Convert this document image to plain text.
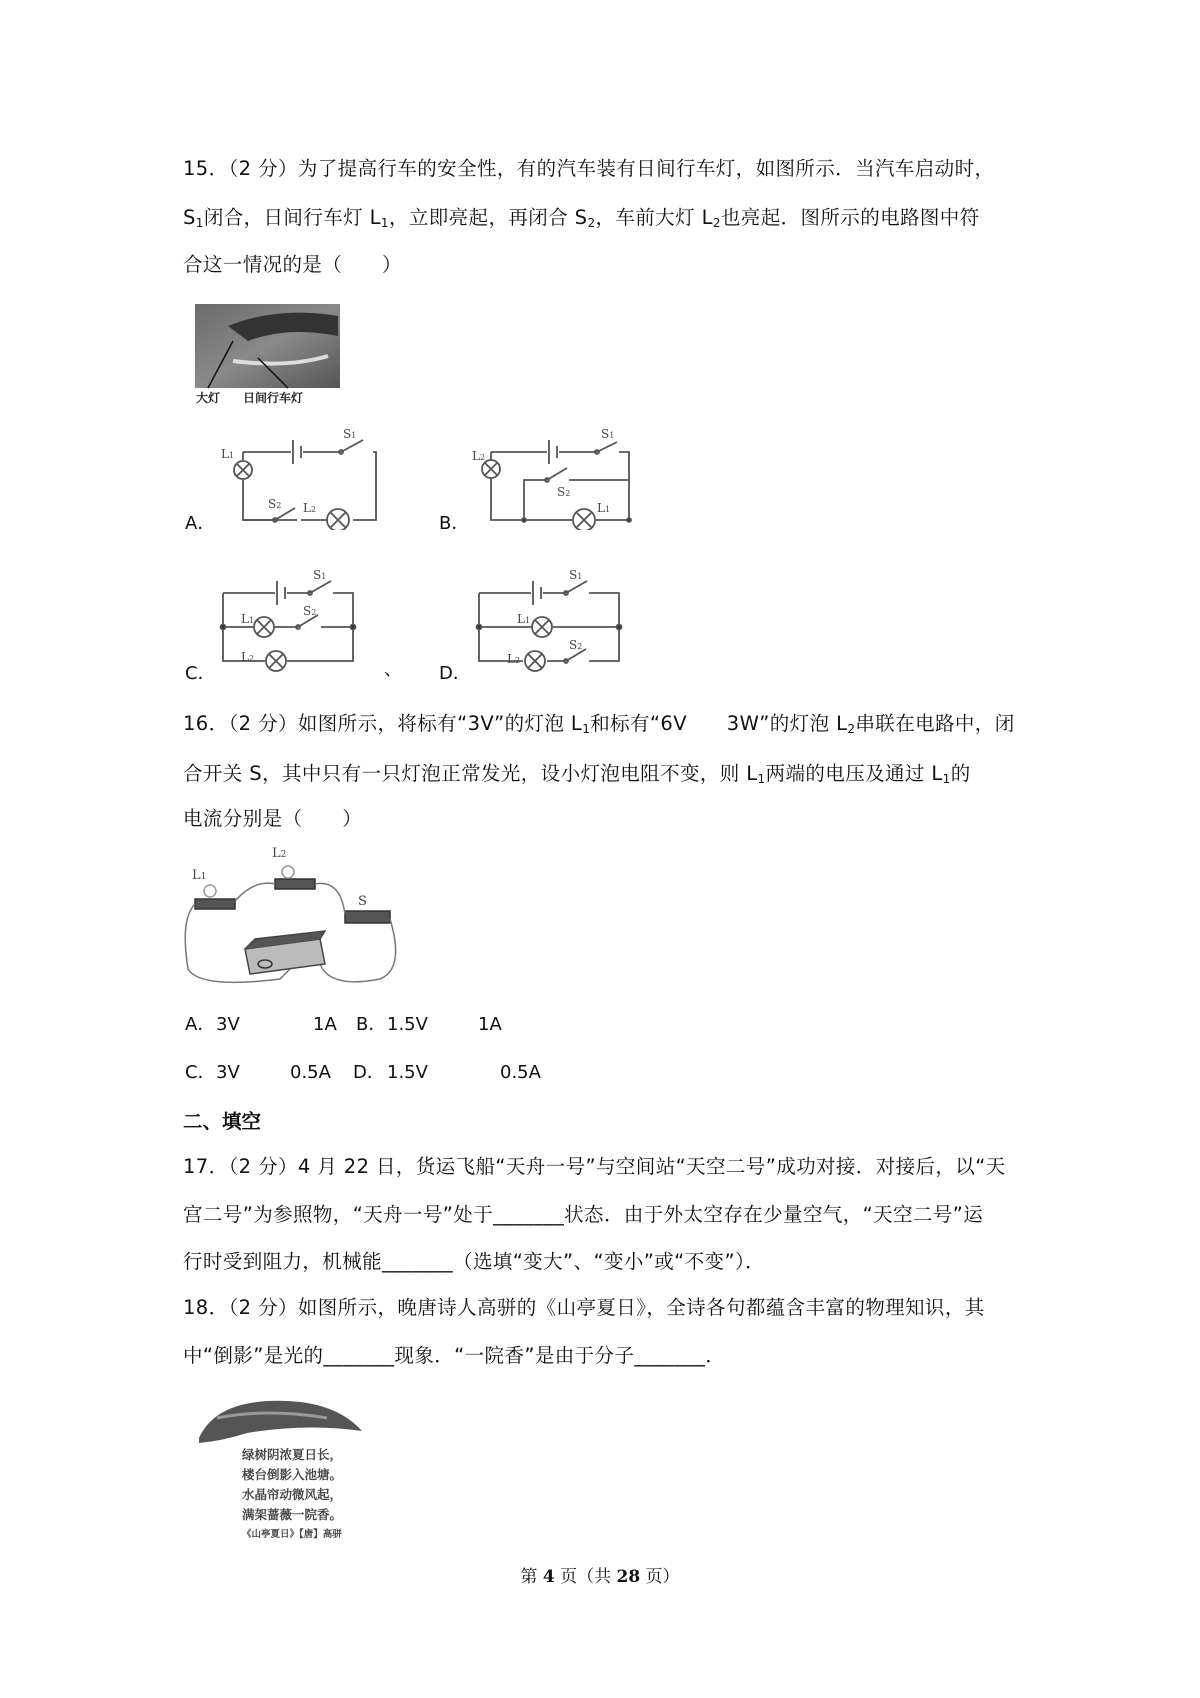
15．（2 分）为了提高行车的安全性，有的汽车装有日间行车灯，如图所示．当汽车启动时，
$S_1$闭合，日间行车灯 $L_1$，立即亮起，再闭合 $S_2$，车前大灯 $L_2$也亮起．图所示的电路图中符
合这一情况的是（　　）
大灯 日间行车灯
A．
L1
S1
S2 L2
B．
L2
S1
S2
L1
C．	、
L1
S1
S2
L2
D．
L1
S1
S2
L2
16．（2 分）如图所示，将标有“3V”的灯泡 $L_1$和标有“6V　　3W”的灯泡 $L_2$串联在电路中，闭
合开关 S，其中只有一只灯泡正常发光，设小灯泡电阻不变，则 $L_1$两端的电压及通过 $L_1$的
电流分别是（　　）
L1
L2
S
A． 3V	1A B． 1.5V	1A
C． 3V	0.5A D． 1.5V	0.5A
二、填空
17．（2 分）4 月 22 日，货运飞船“天舟一号”与空间站“天空二号”成功对接．对接后，以“天
宫二号”为参照物，“天舟一号”处于_______状态．由于外太空存在少量空气，“天空二号”运
行时受到阻力，机械能_______（选填“变大”、“变小”或“不变”）．
18．（2 分）如图所示，晚唐诗人高骈的《山亭夏日》，全诗各句都蕴含丰富的物理知识，其
中“倒影”是光的_______现象．“一院香”是由于分子_______．
绿树阴浓夏日长，
楼台倒影入池塘。
水晶帘动微风起，
满架蔷薇一院香。
《山亭夏日》【唐】高骈
第 4 页（共 28 页）
